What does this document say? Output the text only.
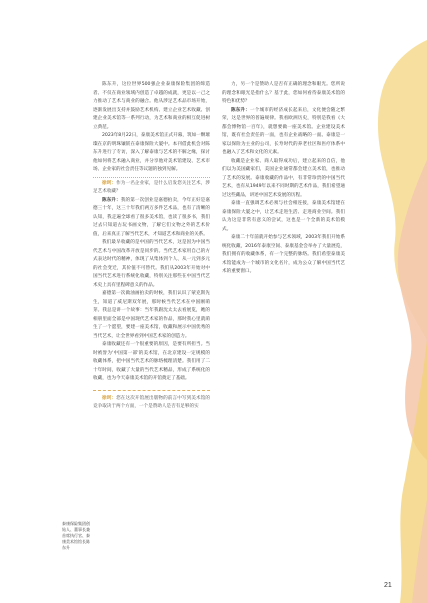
陈东升，这位世界500强企业泰康保险集团的缔造者、不仅在商业领域内创造了卓越的成就，更是以一己之力推动了艺术与商业的融合。他从涉足艺术品市场开始，逐渐发展出支持并鼓励艺术机构、建立企业艺术收藏、创建企业美术馆等一系列行动，为艺术和商业的相互促进树立典范。

2023年8月22日，泰康美术馆正式开幕，筑如一颗璀璨在京的明珠镶嵌在泰康保险大厦中。本刊借此机会对陈东升进行了专访，深入了解泰康与艺术的不解之缘，探讨他如何将艺术融入商业，并分享他对美术馆建设、艺术市场、企业家的社会责任等议题的独到见解。

徐珂：作为一名企业家，是什么启发您关注艺术，涉足艺术收藏？

陈东升：我的第一次创业是嘉德拍卖，今年正好是嘉德三十年，这三十年我们两万多件艺术品，也有了清晰的认知，我走遍全球看了很多美术馆，也读了很多书，我们过去只知道古玩书画文物，了解它们文物之外的艺术价值，后来真正了解当代艺术，才知道艺术和商业的关系。

我们最早收藏的是中国的当代艺术，这是因为中国当代艺术与中国改革开放是同步的。当代艺术家用自己的方式表达时代的精神，体现了从集体到个人、从一元到多元的社会变迁，其价值不可替代。我们从2003年开始对中国当代艺术进行系统化收藏，特别关注那些在中国当代艺术史上具有里程碑意义的作品。

嘉德第一次做油画拍卖的时候，我们认识了蒙克斯先生，知道了威尼斯双年展，那时候当代艺术在中国刚萌芽。我总是讲一个故事：当年我跟沈太太去看展览，她的相册里面全部是中国现代艺术家的作品，那时我心里就萌生了一个愿望，要建一座美术馆，收藏和展示中国优秀的当代艺术，让全世界看到中国艺术家的创造力。

泰康收藏还有一个很重要的原因，是要有所担当。当时被誉为'中国第一部'的美术馆，在北京建设一定规模的收藏体系，把中国当代艺术的脉络梳理清楚。我们用了二十年时间，收藏了大量的当代艺术精品，形成了系统化的收藏，也为今天泰康美术馆的开馆奠定了基础。

徐珂：您在这次开馆展出版物的前言中写到美术馆的竞争取决于两个方面，一个是赞助人是否有足够的实

力，另一个是赞助人是否有正确的理念和眼光。您所说的理念和眼光是指什么？基于此，您如何看待泰康美术馆的特色和优势？

陈东升：一个城市的经济成长起来后，文化便会随之繁荣，这是世界的普遍规律。我看欧洲历史，特别是我看《大都会博物馆一百年》，就想要做一座美术馆。企业建设美术馆，既有社会责任的一面，也有企业战略的一面。泰康是一家以保险为主业的公司，长寿时代的养老社区和医疗体系中也融入了艺术和文化的元素。

收藏是企业家、商人取得成功后，建立起来的自信，他们以为美国藏家们，美国企业通常都会建立美术馆，也推动了艺术的发展。泰康收藏的作品中，有非常珍贵的中国当代艺术，也有从1949年以来不同时期的艺术作品，我们希望通过这些藏品，讲述中国艺术发展的历程。

泰康一直强调艺术必须与社会相连接，泰康美术馆建在泰康保险大厦之中，让艺术走进生活、走进商业空间。我们认为这是非常有意义的尝试，这也是一个全新的美术馆模式。

泰康二十年前就开始参与艺术领域，2003年我们开始系统化收藏，2016年泰康空间、泰康基金会举办了大量展览，我们拥有的收藏体系，有一个完整的脉络。我们希望泰康美术馆能成为一个城市的文化名片，成为公众了解中国当代艺术的重要窗口。

泰康保险集团创始人、董事长兼首席执行官、泰康美术馆馆长陈东升
21
